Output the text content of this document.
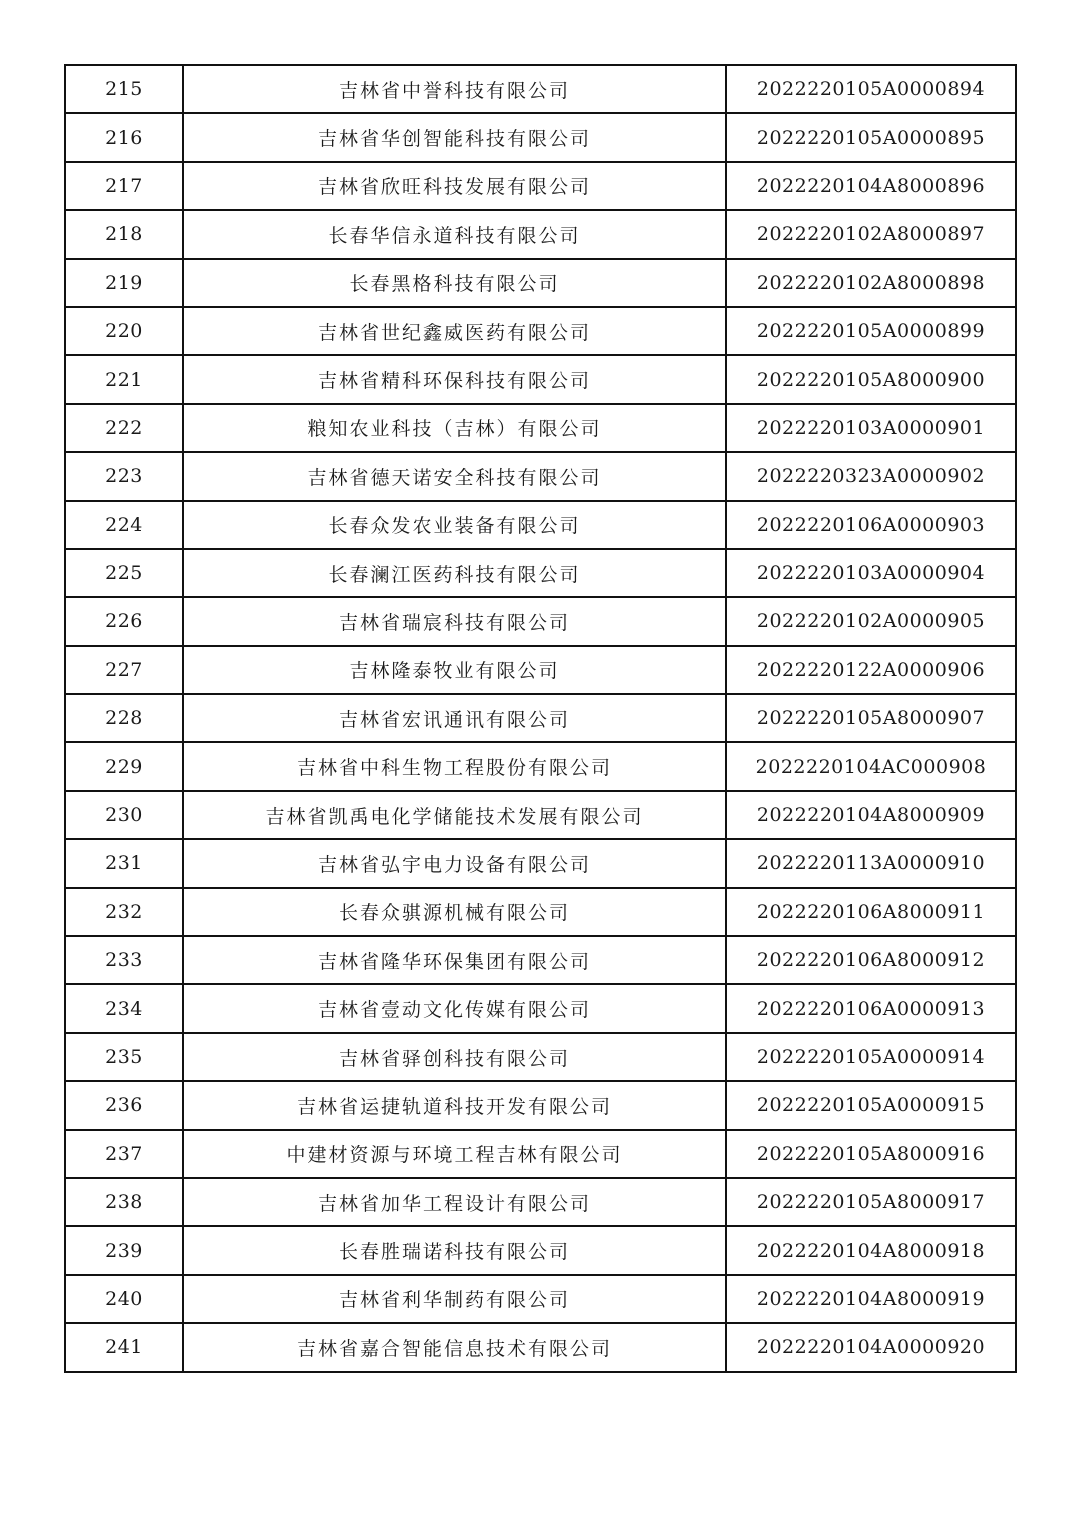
215	吉林省中誉科技有限公司	2022220105A0000894
216	吉林省华创智能科技有限公司	2022220105A0000895
217	吉林省欣旺科技发展有限公司	2022220104A8000896
218	长春华信永道科技有限公司	2022220102A8000897
219	长春黑格科技有限公司	2022220102A8000898
220	吉林省世纪鑫威医药有限公司	2022220105A0000899
221	吉林省精科环保科技有限公司	2022220105A8000900
222	粮知农业科技（吉林）有限公司	2022220103A0000901
223	吉林省德天诺安全科技有限公司	2022220323A0000902
224	长春众发农业装备有限公司	2022220106A0000903
225	长春澜江医药科技有限公司	2022220103A0000904
226	吉林省瑞宸科技有限公司	2022220102A0000905
227	吉林隆泰牧业有限公司	2022220122A0000906
228	吉林省宏讯通讯有限公司	2022220105A8000907
229	吉林省中科生物工程股份有限公司	2022220104AC000908
230	吉林省凯禹电化学储能技术发展有限公司	2022220104A8000909
231	吉林省弘宇电力设备有限公司	2022220113A0000910
232	长春众骐源机械有限公司	2022220106A8000911
233	吉林省隆华环保集团有限公司	2022220106A8000912
234	吉林省壹动文化传媒有限公司	2022220106A0000913
235	吉林省驿创科技有限公司	2022220105A0000914
236	吉林省运捷轨道科技开发有限公司	2022220105A0000915
237	中建材资源与环境工程吉林有限公司	2022220105A8000916
238	吉林省加华工程设计有限公司	2022220105A8000917
239	长春胜瑞诺科技有限公司	2022220104A8000918
240	吉林省利华制药有限公司	2022220104A8000919
241	吉林省嘉合智能信息技术有限公司	2022220104A0000920
